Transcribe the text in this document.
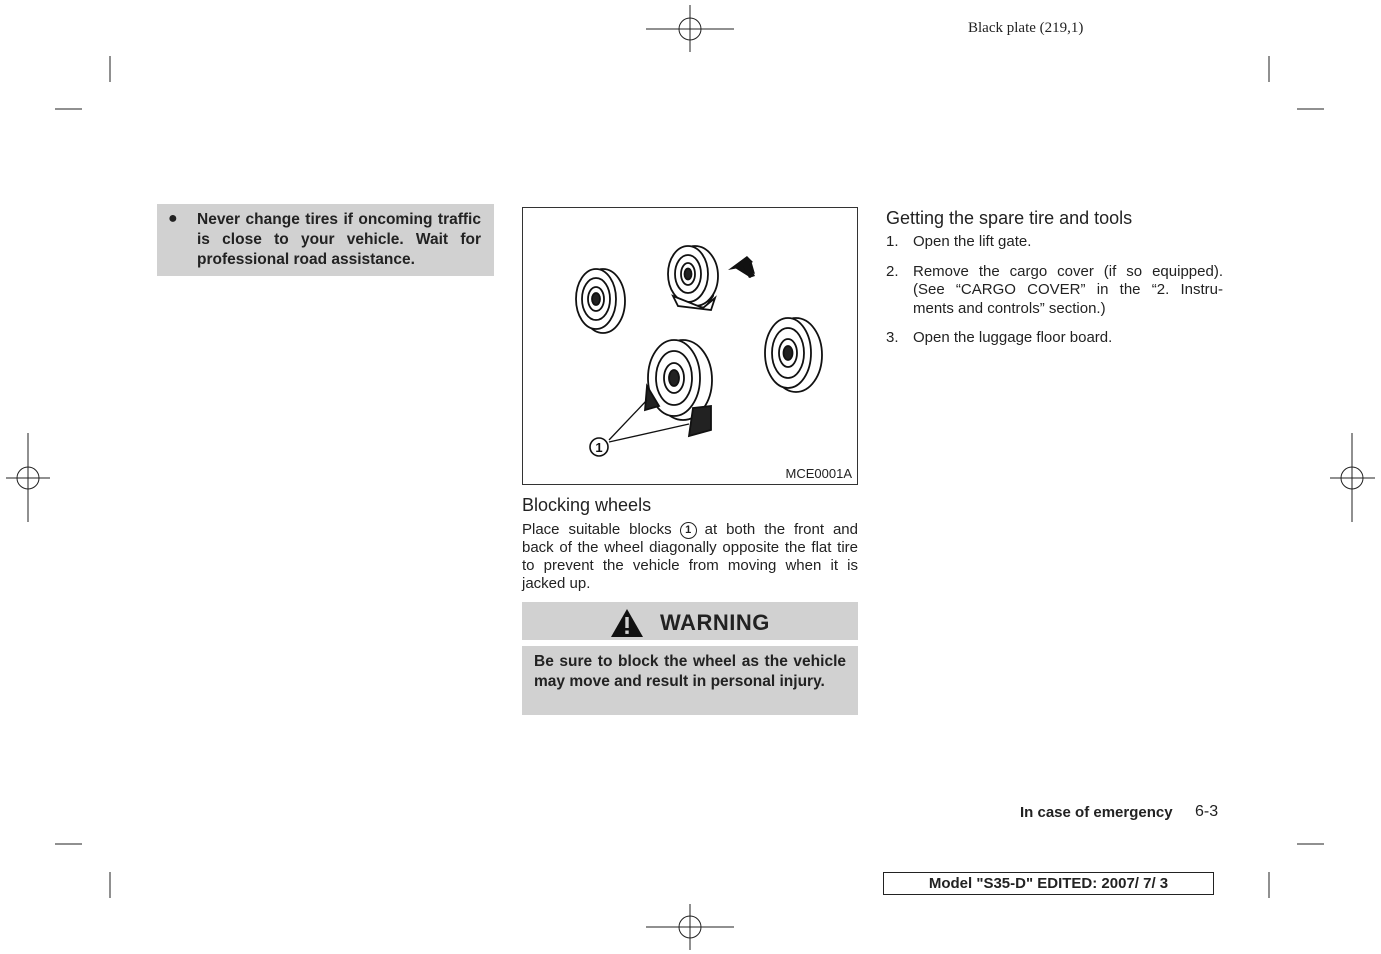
Black plate (219,1)
● Never change tires if oncoming traffic is close to your vehicle. Wait for professional road assistance.
1
MCE0001A
Blocking wheels
Place suitable blocks 1 at both the front and back of the wheel diagonally opposite the flat tire to prevent the vehicle from moving when it is jacked up.
WARNING
Be sure to block the wheel as the vehicle may move and result in personal injury.
Getting the spare tire and tools
1. Open the lift gate.
2. Remove the cargo cover (if so equipped). (See “CARGO COVER” in the “2. Instru- ments and controls” section.)
3. Open the luggage floor board.
In case of emergency 6-3
Model "S35-D" EDITED: 2007/ 7/ 3
